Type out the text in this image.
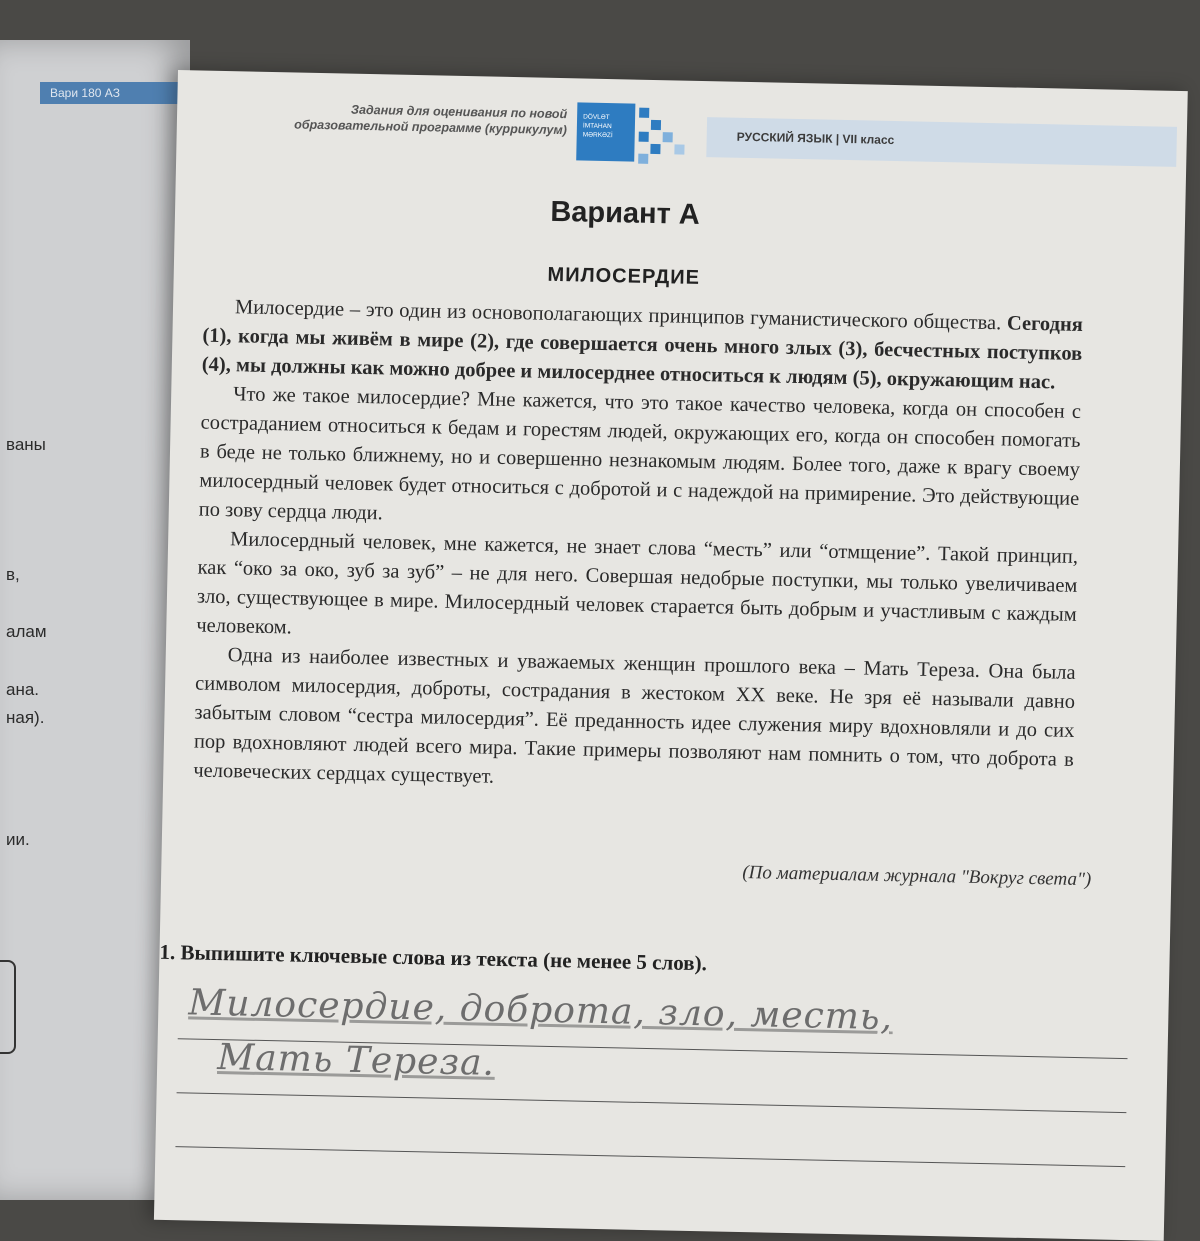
Вари 180 AЗ
ваны
в,
алам
ана.
ная).
ии.
Задания для оценивания по новой
образовательной программе (куррикулум)
DÖVLƏT
İMTAHAN
MƏRKƏZİ	РУССКИЙ ЯЗЫК | VII класс
Вариант А
МИЛОСЕРДИЕ

Милосердие – это один из основополагающих принципов гуманистического общества. Сегодня (1), когда мы живём в мире (2), где совершается очень много злых (3), бесчестных поступков (4), мы должны как можно добрее и милосерднее относиться к людям (5), окружающим нас.

Что же такое милосердие? Мне кажется, что это такое качество человека, когда он способен с состраданием относиться к бедам и горестям людей, окружающих его, когда он способен помогать в беде не только ближнему, но и совершенно незнакомым людям. Более того, даже к врагу своему милосердный человек будет относиться с добротой и с надеждой на примирение. Это действующие по зову сердца люди.

Милосердный человек, мне кажется, не знает слова “месть” или “отмщение”. Такой принцип, как “око за око, зуб за зуб” – не для него. Совершая недобрые поступки, мы только увеличиваем зло, существующее в мире. Милосердный человек старается быть добрым и участливым с каждым человеком.

Одна из наиболее известных и уважаемых женщин прошлого века – Мать Тереза. Она была символом милосердия, доброты, сострадания в жестоком XX веке. Не зря её называли давно забытым словом “сестра милосердия”. Её преданность идее служения миру вдохновляли и до сих пор вдохновляют людей всего мира. Такие примеры позволяют нам помнить о том, что доброта в человеческих сердцах существует.

(По материалам журнала "Вокруг света")
1. Выпишите ключевые слова из текста (не менее 5 слов).
Милосердие, доброта, зло, месть,
Мать Тереза.
